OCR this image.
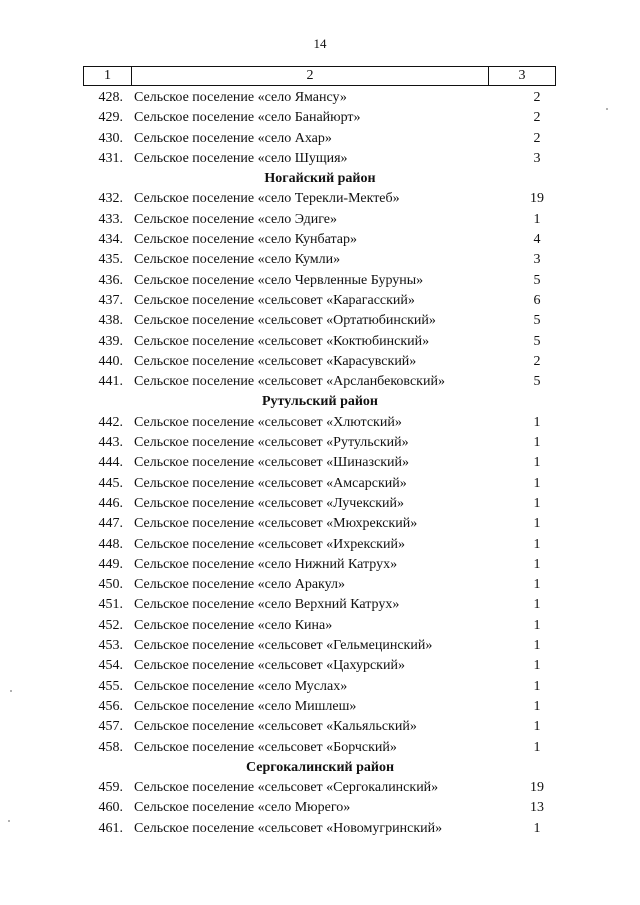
14
1	2	3
428. Сельское поселение «село Ямансу»	2
429. Сельское поселение «село Банайюрт»	2
430. Сельское поселение «село Ахар»	2
431. Сельское поселение «село Шущия»	3
Ногайский район
432. Сельское поселение «село Терекли-Мектеб»	19
433. Сельское поселение «село Эдиге»	1
434. Сельское поселение «село Кунбатар»	4
435. Сельское поселение «село Кумли»	3
436. Сельское поселение «село Червленные Буруны»	5
437. Сельское поселение «сельсовет «Карагасский»	6
438. Сельское поселение «сельсовет «Ортатюбинский»	5
439. Сельское поселение «сельсовет «Коктюбинский»	5
440. Сельское поселение «сельсовет «Карасувский»	2
441. Сельское поселение «сельсовет «Арсланбековский»	5
Рутульский район
442. Сельское поселение «сельсовет «Хлютский»	1
443. Сельское поселение «сельсовет «Рутульский»	1
444. Сельское поселение «сельсовет «Шиназский»	1
445. Сельское поселение «сельсовет «Амсарский»	1
446. Сельское поселение «сельсовет «Лучекский»	1
447. Сельское поселение «сельсовет «Мюхрекский»	1
448. Сельское поселение «сельсовет «Ихрекский»	1
449. Сельское поселение «село Нижний Катрух»	1
450. Сельское поселение «село Аракул»	1
451. Сельское поселение «село Верхний Катрух»	1
452. Сельское поселение «село Кина»	1
453. Сельское поселение «сельсовет «Гельмецинский»	1
454. Сельское поселение «сельсовет «Цахурский»	1
455. Сельское поселение «село Муслах»	1
456. Сельское поселение «село Мишлеш»	1
457. Сельское поселение «сельсовет «Кальяльский»	1
458. Сельское поселение «сельсовет «Борчский»	1
Сергокалинский район
459. Сельское поселение «сельсовет «Сергокалинский»	19
460. Сельское поселение «село Мюрего»	13
461. Сельское поселение «сельсовет «Новомугринский»	1
